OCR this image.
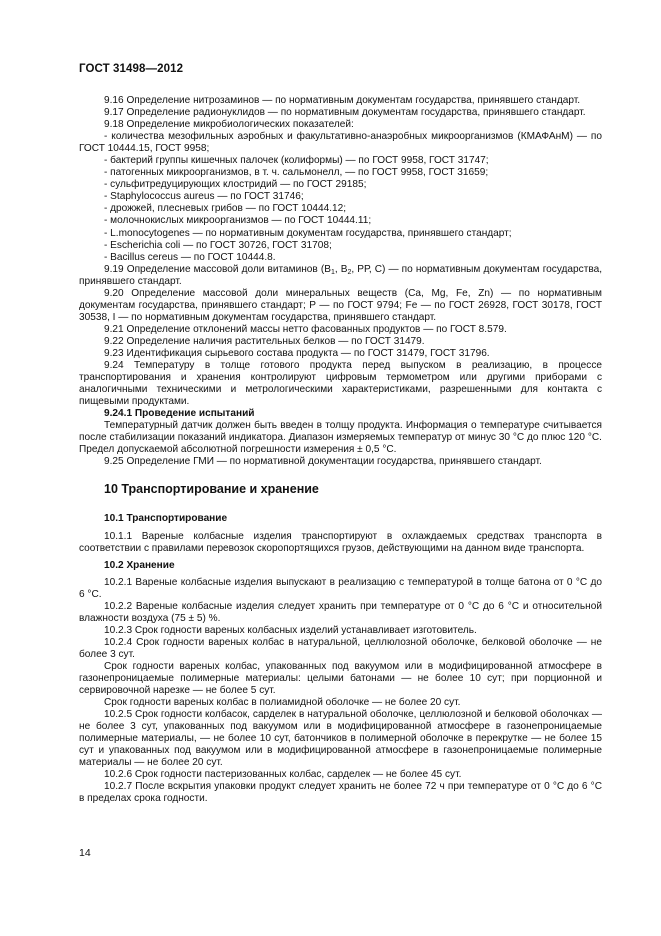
ГОСТ 31498—2012

9.16 Определение нитрозаминов — по нормативным документам государства, принявшего стандарт.

9.17 Определение радионуклидов — по нормативным документам государства, принявшего стандарт.

9.18 Определение микробиологических показателей:

- количества мезофильных аэробных и факультативно-анаэробных микроорганизмов (КМАФАнМ) — по ГОСТ 10444.15, ГОСТ 9958;

- бактерий группы кишечных палочек (колиформы) — по ГОСТ 9958, ГОСТ 31747;

- патогенных микроорганизмов, в т. ч. сальмонелл, — по ГОСТ 9958, ГОСТ 31659;

- сульфитредуцирующих клостридий — по ГОСТ 29185;

- Staphylococcus aureus — по ГОСТ 31746;

- дрожжей, плесневых грибов — по ГОСТ 10444.12;

- молочнокислых микроорганизмов — по ГОСТ 10444.11;

- L.monocytogenes — по нормативным документам государства, принявшего стандарт;

- Escherichia coli — по ГОСТ 30726, ГОСТ 31708;

- Bacillus cereus — по ГОСТ 10444.8.

9.19 Определение массовой доли витаминов ($В_1$, $В_2$, РР, С) — по нормативным документам государства, принявшего стандарт.

9.20 Определение массовой доли минеральных веществ (Ca, Mg, Fe, Zn) — по нормативным документам государства, принявшего стандарт; Р — по ГОСТ 9794; Fe — по ГОСТ 26928, ГОСТ 30178, ГОСТ 30538, I — по нормативным документам государства, принявшего стандарт.

9.21 Определение отклонений массы нетто фасованных продуктов — по ГОСТ 8.579.

9.22 Определение наличия растительных белков — по ГОСТ 31479.

9.23 Идентификация сырьевого состава продукта — по ГОСТ 31479, ГОСТ 31796.

9.24 Температуру в толще готового продукта перед выпуском в реализацию, в процессе транспортирования и хранения контролируют цифровым термометром или другими приборами с аналогичными техническими и метрологическими характеристиками, разрешенными для контакта с пищевыми продуктами.

9.24.1 Проведение испытаний

Температурный датчик должен быть введен в толщу продукта. Информация о температуре считывается после стабилизации показаний индикатора. Диапазон измеряемых температур от минус 30 °С до плюс 120 °С. Предел допускаемой абсолютной погрешности измерения ± 0,5 °С.

9.25 Определение ГМИ — по нормативной документации государства, принявшего стандарт.

10 Транспортирование и хранение

10.1 Транспортирование

10.1.1 Вареные колбасные изделия транспортируют в охлаждаемых средствах транспорта в соответствии с правилами перевозок скоропортящихся грузов, действующими на данном виде транспорта.

10.2 Хранение

10.2.1 Вареные колбасные изделия выпускают в реализацию с температурой в толще батона от 0 °С до 6 °С.

10.2.2 Вареные колбасные изделия следует хранить при температуре от 0 °С до 6 °С и относительной влажности воздуха (75 ± 5) %.

10.2.3 Срок годности вареных колбасных изделий устанавливает изготовитель.

10.2.4 Срок годности вареных колбас в натуральной, целлюлозной оболочке, белковой оболочке — не более 3 сут.

Срок годности вареных колбас, упакованных под вакуумом или в модифицированной атмосфере в газонепроницаемые полимерные материалы: целыми батонами — не более 10 сут; при порционной и сервировочной нарезке — не более 5 сут.

Срок годности вареных колбас в полиамидной оболочке — не более 20 сут.

10.2.5 Срок годности колбасок, сарделек в натуральной оболочке, целлюлозной и белковой оболочках — не более 3 сут, упакованных под вакуумом или в модифицированной атмосфере в газонепроницаемые полимерные материалы, — не более 10 сут, батончиков в полимерной оболочке в перекрутке — не более 15 сут и упакованных под вакуумом или в модифицированной атмосфере в газонепроницаемые полимерные материалы — не более 20 сут.

10.2.6 Срок годности пастеризованных колбас, сарделек — не более 45 сут.

10.2.7 После вскрытия упаковки продукт следует хранить не более 72 ч при температуре от 0 °С до 6 °С в пределах срока годности.

14
